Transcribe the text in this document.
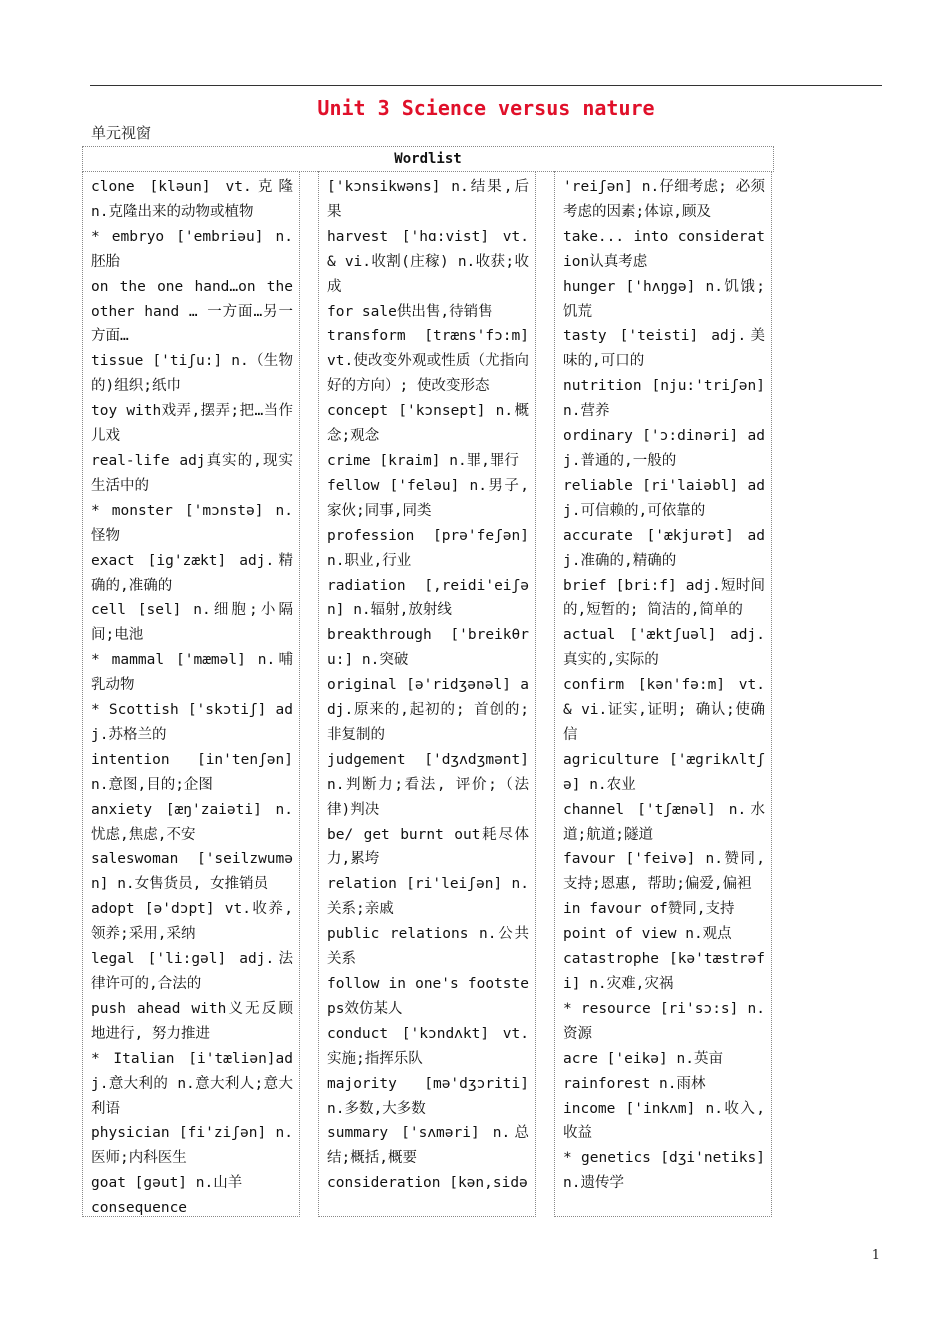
Unit 3 Science versus nature
单元视窗
Wordlist
clone [kləun] vt.克隆 n.克隆出来的动物或植物
* embryo ['embriəu] n.胚胎
on the one hand…on the other hand … 一方面…另一方面…
tissue ['tiʃu:] n.（生物的)组织;纸巾
toy with戏弄,摆弄;把…当作儿戏
real-life adj真实的,现实生活中的
* monster ['mɔnstə] n.怪物
exact [ig'zækt] adj.精确的,准确的
cell [sel] n.细胞;小隔间;电池
* mammal ['mæməl] n.哺乳动物
* Scottish ['skɔtiʃ] adj.苏格兰的
intention [in'tenʃən] n.意图,目的;企图
anxiety [æŋ'zaiəti] n.忧虑,焦虑,不安
saleswoman ['seilzwumən] n.女售货员, 女推销员
adopt [ə'dɔpt] vt.收养,领养;采用,采纳
legal ['li:gəl] adj.法律许可的,合法的
push ahead with义无反顾地进行, 努力推进
* Italian [i'tæliən]adj.意大利的 n.意大利人;意大利语
physician [fi'ziʃən] n.医师;内科医生
goat [gəut] n.山羊
consequence
['kɔnsikwəns] n.结果,后果
harvest ['hɑ:vist] vt. & vi.收割(庄稼) n.收获;收成
for sale供出售,待销售
transform [træns'fɔ:m] vt.使改变外观或性质（尤指向好的方向）; 使改变形态
concept ['kɔnsept] n.概念;观念
crime [kraim] n.罪,罪行
fellow ['feləu] n.男子,家伙;同事,同类
profession [prə'feʃən] n.职业,行业
radiation [,reidi'eiʃən] n.辐射,放射线
breakthrough ['breikθru:] n.突破
original [ə'ridʒənəl] adj.原来的,起初的; 首创的;非复制的
judgement ['dʒʌdʒmənt] n.判断力;看法, 评价;（法律)判决
be/ get burnt out耗尽体力,累垮
relation [ri'leiʃən] n.关系;亲戚
public relations n.公共关系
follow in one's footsteps效仿某人
conduct ['kɔndʌkt] vt.实施;指挥乐队
majority [mə'dʒɔriti] n.多数,大多数
summary ['sʌməri] n.总结;概括,概要
consideration [kən,sidə
'reiʃən] n.仔细考虑; 必须考虑的因素;体谅,顾及
take... into consideration认真考虑
hunger ['hʌŋgə] n.饥饿;饥荒
tasty ['teisti] adj.美味的,可口的
nutrition [nju:'triʃən] n.营养
ordinary ['ɔ:dinəri] adj.普通的,一般的
reliable [ri'laiəbl] adj.可信赖的,可依靠的
accurate ['ækjurət] adj.准确的,精确的
brief [bri:f] adj.短时间的,短暂的; 简洁的,简单的
actual ['æktʃuəl] adj.真实的,实际的
confirm [kən'fə:m] vt. & vi.证实,证明; 确认;使确信
agriculture ['ægrikʌltʃə] n.农业
channel ['tʃænəl] n.水道;航道;隧道
favour ['feivə] n.赞同,支持;恩惠, 帮助;偏爱,偏袒
in favour of赞同,支持
point of view n.观点
catastrophe [kə'tæstrəfi] n.灾难,灾祸
* resource [ri'sɔ:s] n.资源
acre ['eikə] n.英亩
rainforest n.雨林
income ['inkʌm] n.收入,收益
* genetics [dʒi'netiks] n.遗传学
1
